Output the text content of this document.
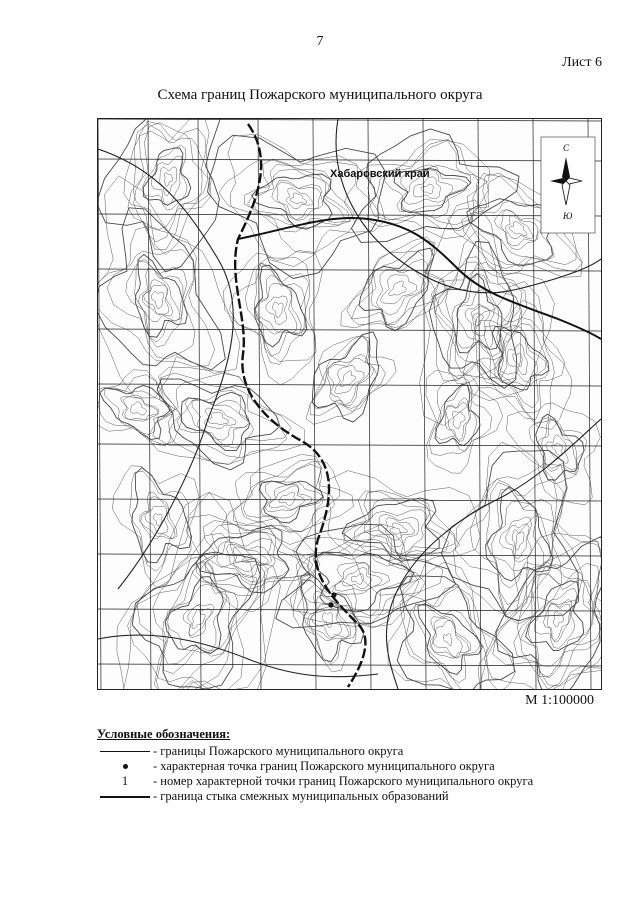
7
Лист 6
Схема границ Пожарского муниципального округа
Хабаровский край
С
Ю
М 1:100000
Условные обозначения:
- границы Пожарского муниципального округа
- характерная точка границ Пожарского муниципального округа
1 - номер характерной точки границ Пожарского муниципального округа
- граница стыка смежных муниципальных образований
